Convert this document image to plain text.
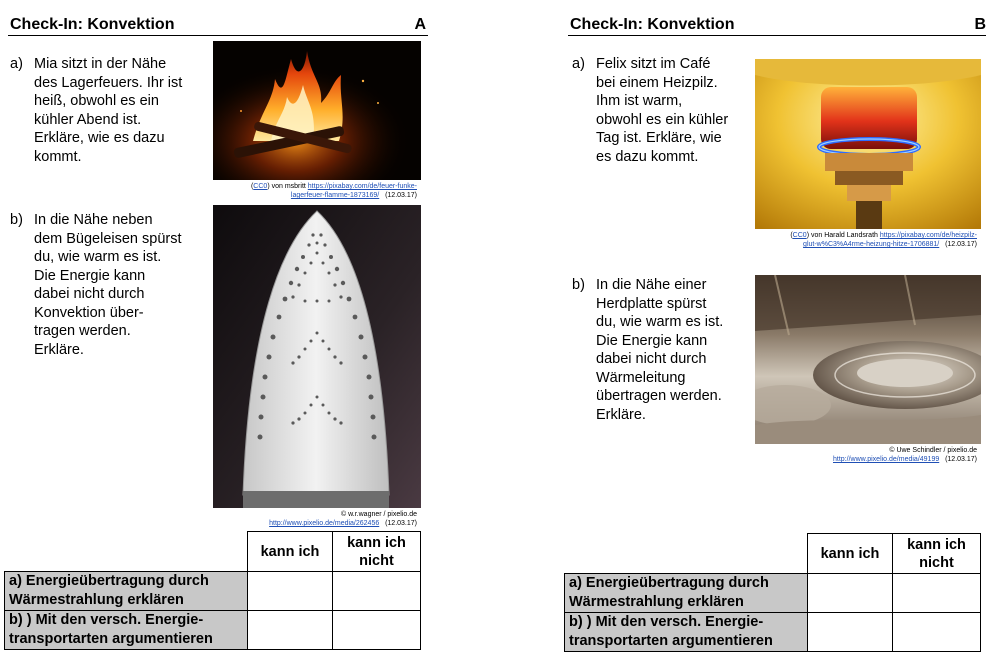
Check-In: Konvektion	A
a) Mia sitzt in der Nähe
des Lagerfeuers. Ihr ist
heiß, obwohl es ein
kühler Abend ist.
Erkläre, wie es dazu
kommt.
(CC0) von msbritt https://pixabay.com/de/feuer-funke-
lagerfeuer-flamme-1873169/ (12.03.17)
b) In die Nähe neben
dem Bügeleisen spürst
du, wie warm es ist.
Die Energie kann
dabei nicht durch
Konvektion über-
tragen werden.
Erkläre.
© w.r.wagner / pixelio.de
http://www.pixelio.de/media/262456 (12.03.17)
	kann ich	kann ich
nicht
a) Energieübertragung durch
Wärmestrahlung erklären		
b) ) Mit den versch. Energie-
transportarten argumentieren		
Check-In: Konvektion	B
a) Felix sitzt im Café
bei einem Heizpilz.
Ihm ist warm,
obwohl es ein kühler
Tag ist. Erkläre, wie
es dazu kommt.
(CC0) von Harald Landsrath https://pixabay.com/de/heizpilz-
glut-w%C3%A4rme-heizung-hitze-1706881/ (12.03.17)
b) In die Nähe einer
Herdplatte spürst
du, wie warm es ist.
Die Energie kann
dabei nicht durch
Wärmeleitung
übertragen werden.
Erkläre.
© Uwe Schindler / pixelio.de
http://www.pixelio.de/media/49199 (12.03.17)
	kann ich	kann ich
nicht
a) Energieübertragung durch
Wärmestrahlung erklären		
b) ) Mit den versch. Energie-
transportarten argumentieren		
